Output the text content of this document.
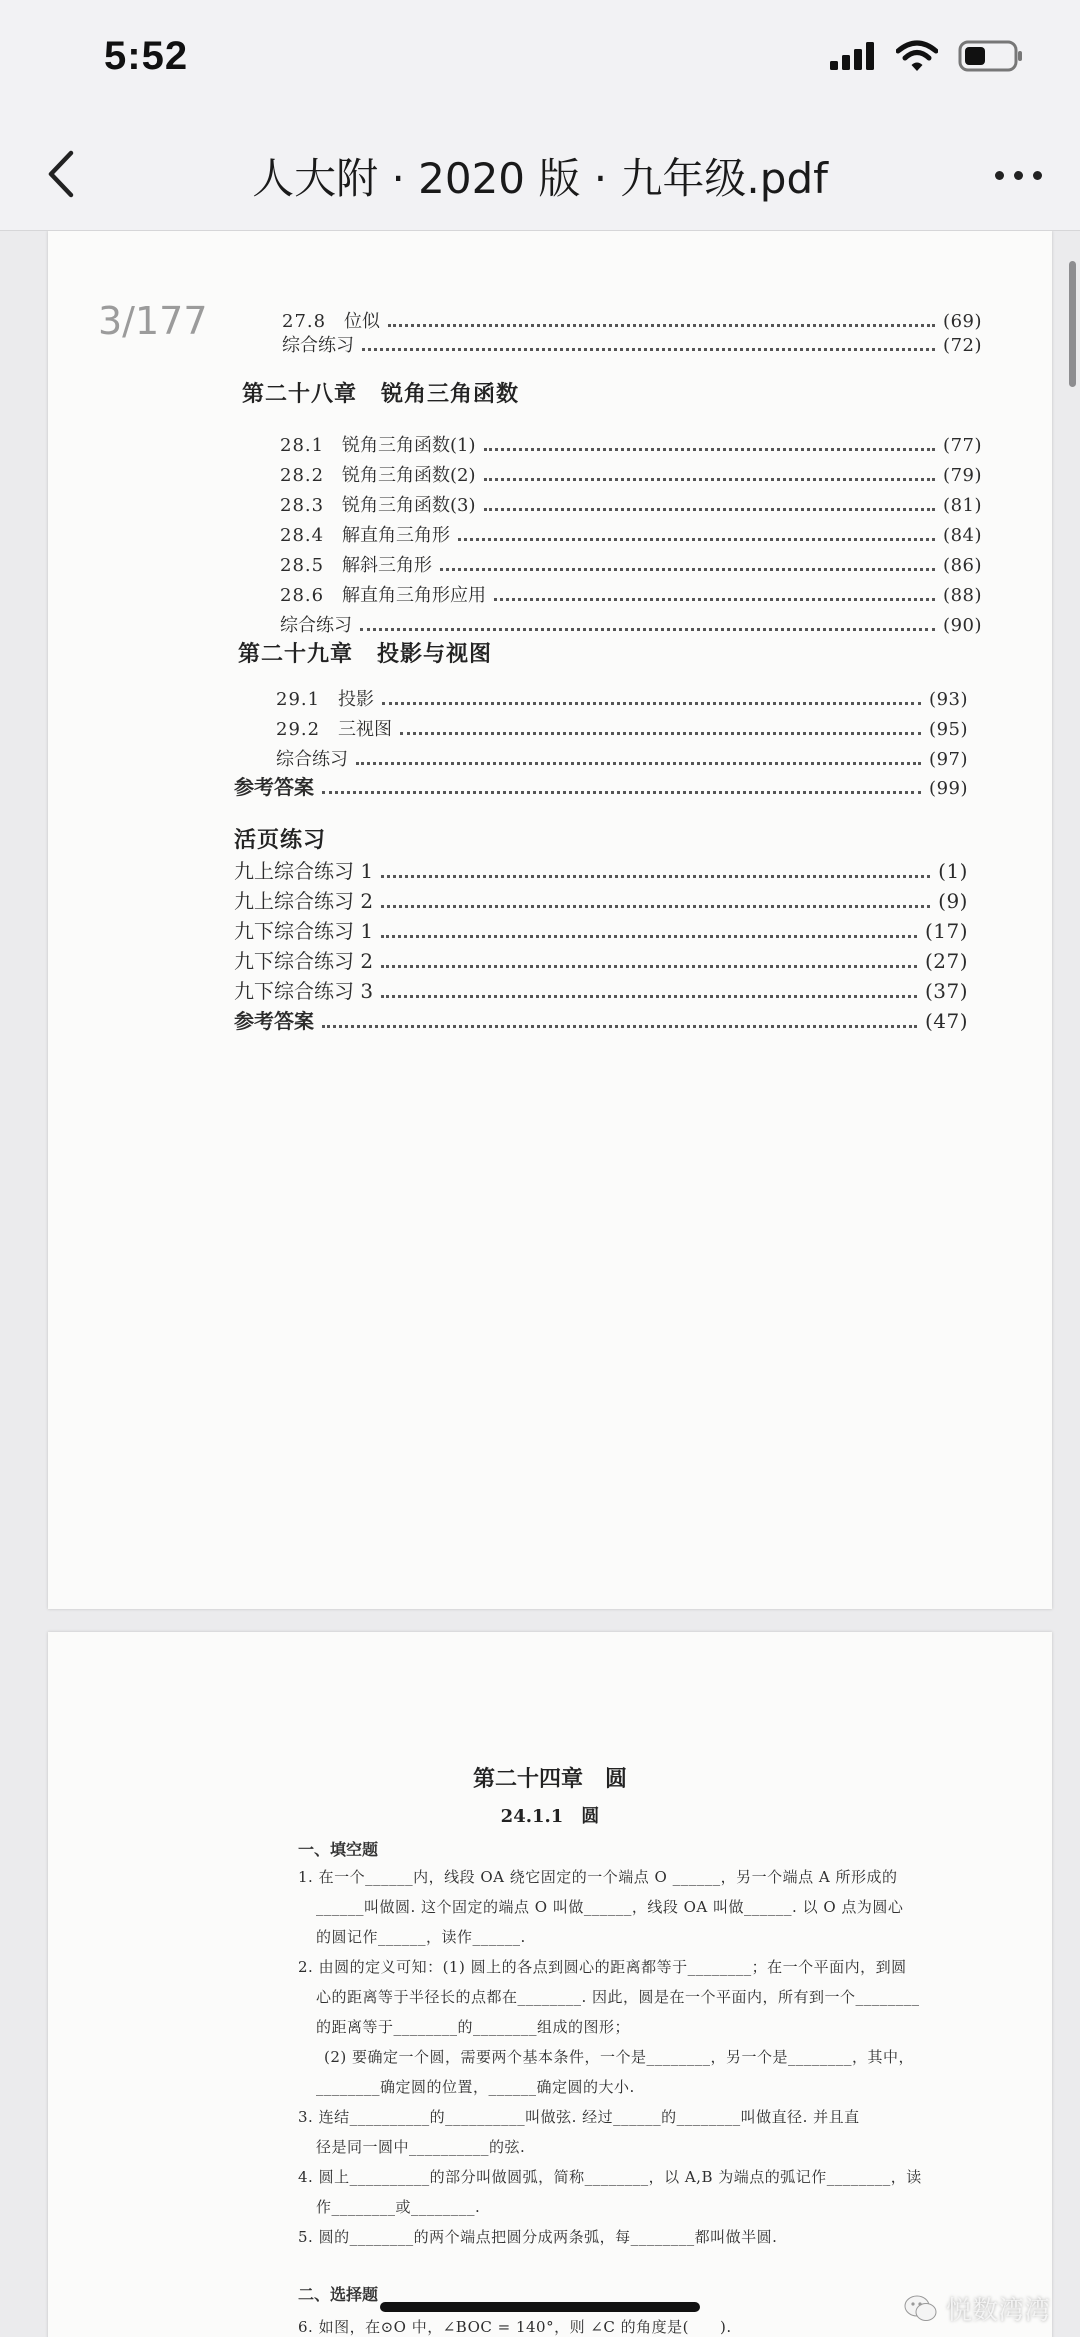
5:52
人大附 · 2020 版 · 九年级.pdf
27.8 位似	(69)
综合练习	(72)
第二十八章 锐角三角函数
28.1 锐角三角函数(1)	(77)
28.2 锐角三角函数(2)	(79)
28.3 锐角三角函数(3)	(81)
28.4 解直角三角形	(84)
28.5 解斜三角形	(86)
28.6 解直角三角形应用	(88)
综合练习	(90)
第二十九章 投影与视图
29.1 投影	(93)
29.2 三视图	(95)
综合练习	(97)
参考答案	(99)
活页练习
九上综合练习 1	(1)
九上综合练习 2	(9)
九下综合练习 1	(17)
九下综合练习 2	(27)
九下综合练习 3	(37)
参考答案	(47)
第二十四章　圆
24.1.1　圆
一、填空题
1. 在一个______内，线段 OA 绕它固定的一个端点 O ______，另一个端点 A 所形成的
______叫做圆. 这个固定的端点 O 叫做______，线段 OA 叫做______. 以 O 点为圆心
的圆记作______，读作______.
2. 由圆的定义可知：(1) 圆上的各点到圆心的距离都等于________；在一个平面内，到圆
心的距离等于半径长的点都在________. 因此，圆是在一个平面内，所有到一个________
的距离等于________的________组成的图形；
(2) 要确定一个圆，需要两个基本条件，一个是________，另一个是________，其中，
________确定圆的位置，______确定圆的大小.
3. 连结__________的__________叫做弦. 经过______的________叫做直径. 并且直
径是同一圆中__________的弦.
4. 圆上__________的部分叫做圆弧，简称________，以 A,B 为端点的弧记作________，读
作________或________.
5. 圆的________的两个端点把圆分成两条弧，每________都叫做半圆.
二、选择题
6. 如图，在⊙O 中，∠BOC = 140°，则 ∠C 的角度是(　　).
3/177
悦数湾湾
